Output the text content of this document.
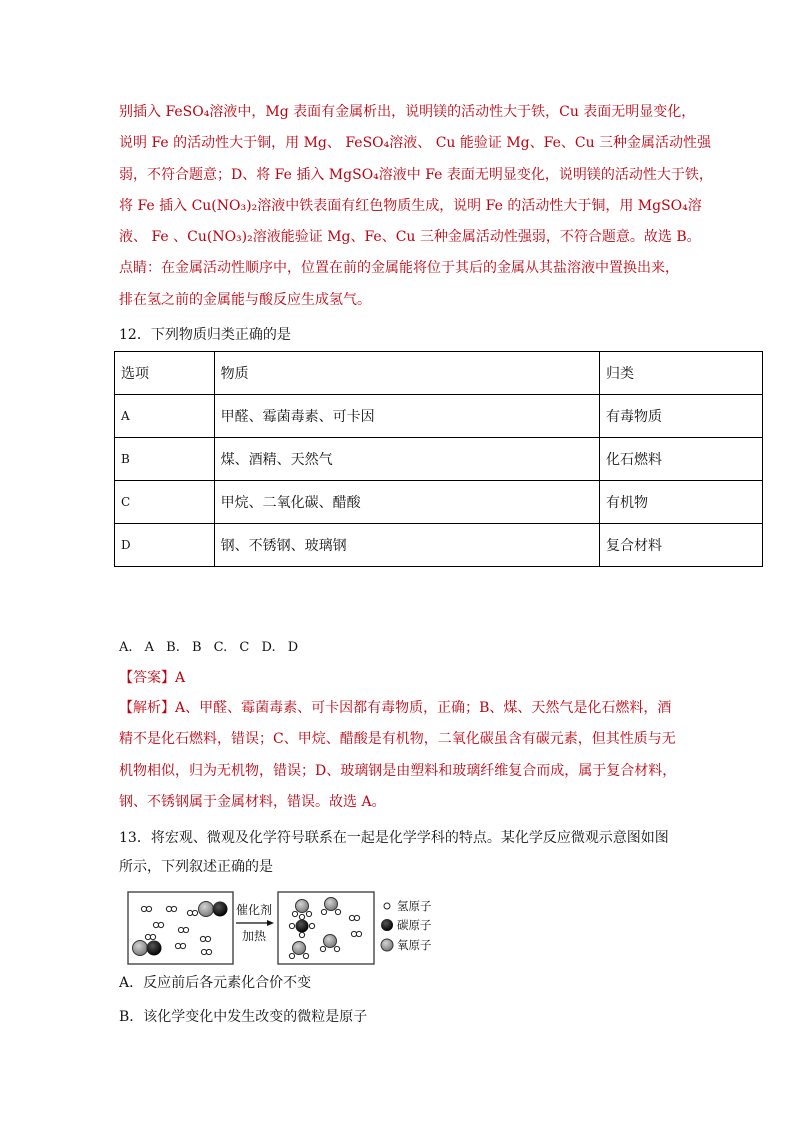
别插入 FeSO₄溶液中，Mg 表面有金属析出，说明镁的活动性大于铁，Cu 表面无明显变化，
说明 Fe 的活动性大于铜，用 Mg、 FeSO₄溶液、 Cu 能验证 Mg、Fe、Cu 三种金属活动性强
弱，不符合题意；D、将 Fe 插入 MgSO₄溶液中 Fe 表面无明显变化，说明镁的活动性大于铁，
将 Fe 插入 Cu(NO₃)₂溶液中铁表面有红色物质生成，说明 Fe 的活动性大于铜，用 MgSO₄溶
液、 Fe 、Cu(NO₃)₂溶液能验证 Mg、Fe、Cu 三种金属活动性强弱，不符合题意。故选 B。
点睛：在金属活动性顺序中，位置在前的金属能将位于其后的金属从其盐溶液中置换出来，
排在氢之前的金属能与酸反应生成氢气。
12．下列物质归类正确的是
选项	物质	归类
A	甲醛、霉菌毒素、可卡因	有毒物质
B	煤、酒精、天然气	化石燃料
C	甲烷、二氧化碳、醋酸	有机物
D	钢、不锈钢、玻璃钢	复合材料
A. A B. B C. C D. D
【答案】A
【解析】A、甲醛、霉菌毒素、可卡因都有毒物质，正确；B、煤、天然气是化石燃料，酒
精不是化石燃料，错误；C、甲烷、醋酸是有机物，二氧化碳虽含有碳元素，但其性质与无
机物相似，归为无机物，错误；D、玻璃钢是由塑料和玻璃纤维复合而成，属于复合材料，
钢、不锈钢属于金属材料，错误。故选 A。
13．将宏观、微观及化学符号联系在一起是化学学科的特点。某化学反应微观示意图如图
所示，下列叙述正确的是
催化剂
加热
氢原子
碳原子
氧原子
A．反应前后各元素化合价不变
B．该化学变化中发生改变的微粒是原子
